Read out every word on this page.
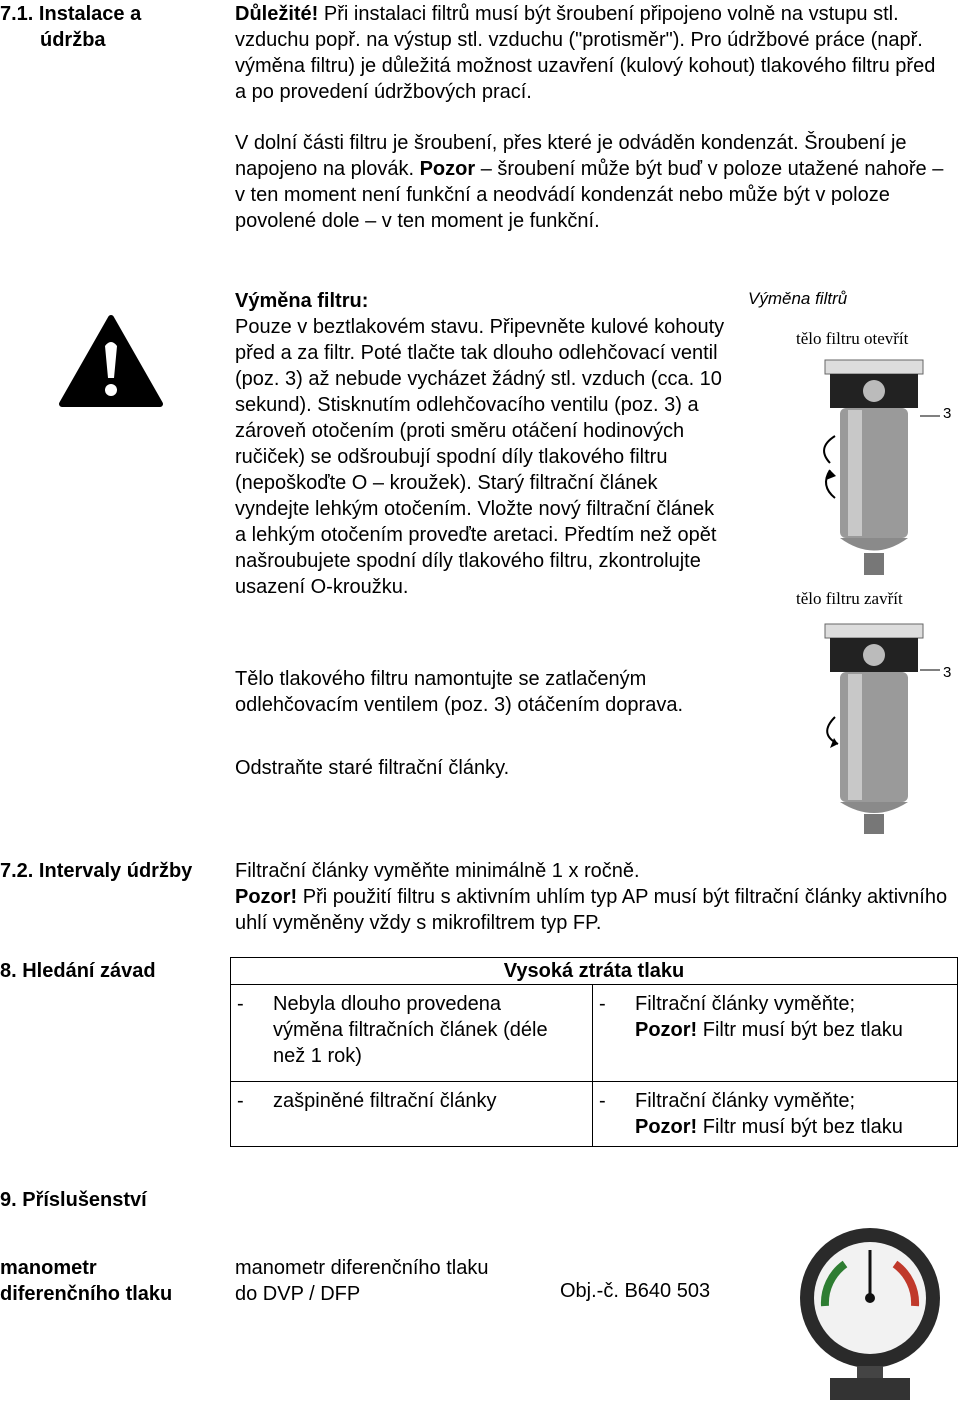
7.1. Instalace a
údržba

Důležité! Při instalaci filtrů musí být šroubení připojeno volně na vstupu stl. vzduchu popř. na výstup stl. vzduchu ("protisměr"). Pro údržbové práce (např. výměna filtru) je důležitá možnost uzavření (kulový kohout) tlakového filtru před a po provedení údržbových prací.

V dolní části filtru je šroubení, přes které je odváděn kondenzát. Šroubení je napojeno na plovák. Pozor – šroubení může být buď v poloze utažené nahoře – v ten moment není funkční a neodvádí kondenzát nebo může být v poloze povolené dole – v ten moment je funkční.

Výměna filtru:

Pouze v beztlakovém stavu. Připevněte kulové kohouty před a za filtr. Poté tlačte tak dlouho odlehčovací ventil (poz. 3) až nebude vycházet žádný stl. vzduch (cca. 10 sekund). Stisknutím odlehčovacího ventilu (poz. 3) a zároveň otočením (proti směru otáčení hodinových ručiček) se odšroubují spodní díly tlakového filtru (nepoškoďte O – kroužek). Starý filtrační článek vyndejte lehkým otočením. Vložte nový filtrační článek a lehkým otočením proveďte aretaci. Předtím než opět našroubujete spodní díly tlakového filtru, zkontrolujte usazení O-kroužku.

Tělo tlakového filtru namontujte se zatlačeným odlehčovacím ventilem (poz. 3) otáčením doprava.

Odstraňte staré filtrační články.

Výměna filtrů
tělo filtru otevřít
tělo filtru zavřít
3
3
7.2. Intervaly údržby Filtrační články vyměňte minimálně 1 x ročně.

Pozor! Při použití filtru s aktivním uhlím typ AP musí být filtrační články aktivního uhlí vyměněny vždy s mikrofiltrem typ FP.

8. Hledání závad	Vysoká ztráta tlaku	

- Nebyla dlouho provedena výměna filtračních článek (déle než 1 rok)	- Filtrační články vyměňte;
Pozor! Filtr musí být bez tlaku

- zašpiněné filtrační články	- Filtrační články vyměňte;
Pozor! Filtr musí být bez tlaku
9. Příslušenství
manometr
diferenčního tlaku
manometr diferenčního tlaku
do DVP / DFP	Obj.-č. B640 503
